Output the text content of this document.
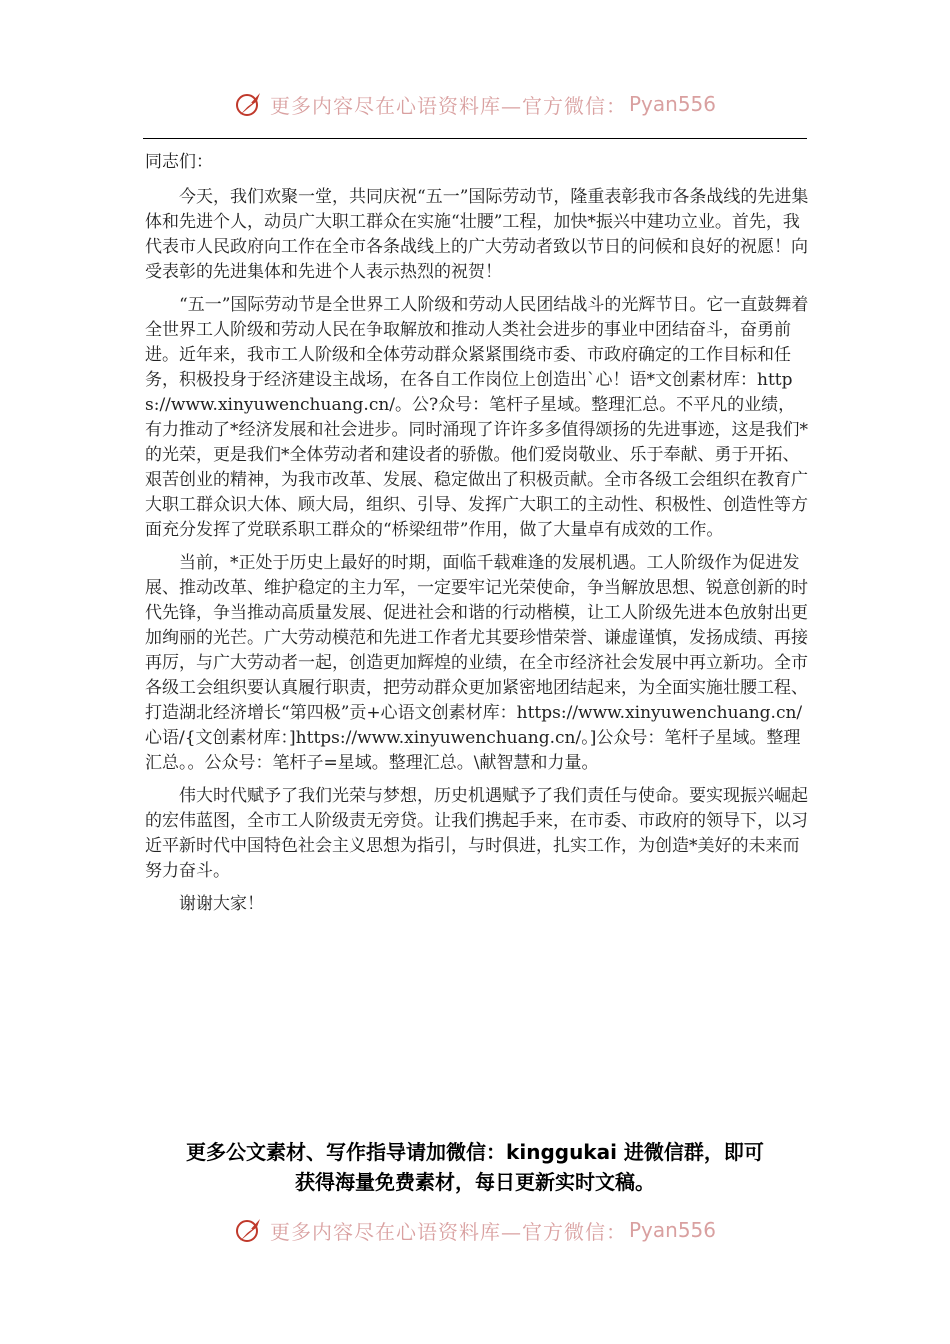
更多内容尽在心语资料库—官方微信： Pyan556

同志们：

今天，我们欢聚一堂，共同庆祝“五一”国际劳动节，隆重表彰我市各条战线的先进集体和先进个人，动员广大职工群众在实施“壮腰”工程，加快*振兴中建功立业。首先，我代表市人民政府向工作在全市各条战线上的广大劳动者致以节日的问候和良好的祝愿！向受表彰的先进集体和先进个人表示热烈的祝贺！

“五一”国际劳动节是全世界工人阶级和劳动人民团结战斗的光辉节日。它一直鼓舞着全世界工人阶级和劳动人民在争取解放和推动人类社会进步的事业中团结奋斗，奋勇前进。近年来，我市工人阶级和全体劳动群众紧紧围绕市委、市政府确定的工作目标和任务，积极投身于经济建设主战场，在各自工作岗位上创造出`心！语*文创素材库：https://www.xinyuwenchuang.cn/。公?众号：笔杆子星域。整理汇总。不平凡的业绩，有力推动了*经济发展和社会进步。同时涌现了许许多多值得颂扬的先进事迹，这是我们*的光荣，更是我们*全体劳动者和建设者的骄傲。他们爱岗敬业、乐于奉献、勇于开拓、艰苦创业的精神，为我市改革、发展、稳定做出了积极贡献。全市各级工会组织在教育广大职工群众识大体、顾大局，组织、引导、发挥广大职工的主动性、积极性、创造性等方面充分发挥了党联系职工群众的“桥梁纽带”作用，做了大量卓有成效的工作。

当前，*正处于历史上最好的时期，面临千载难逢的发展机遇。工人阶级作为促进发展、推动改革、维护稳定的主力军，一定要牢记光荣使命，争当解放思想、锐意创新的时代先锋，争当推动高质量发展、促进社会和谐的行动楷模，让工人阶级先进本色放射出更加绚丽的光芒。广大劳动模范和先进工作者尤其要珍惜荣誉、谦虚谨慎，发扬成绩、再接再厉，与广大劳动者一起，创造更加辉煌的业绩，在全市经济社会发展中再立新功。全市各级工会组织要认真履行职责，把劳动群众更加紧密地团结起来，为全面实施壮腰工程、打造湖北经济增长“第四极”贡+心语文创素材库：https://www.xinyuwenchuang.cn/心语/{文创素材库：]https://www.xinyuwenchuang.cn/。]公众号：笔杆子星域。整理汇总。。公众号：笔杆子=星域。整理汇总。\献智慧和力量。

伟大时代赋予了我们光荣与梦想，历史机遇赋予了我们责任与使命。要实现振兴崛起的宏伟蓝图，全市工人阶级责无旁贷。让我们携起手来，在市委、市政府的领导下，以习近平新时代中国特色社会主义思想为指引，与时俱进，扎实工作，为创造*美好的未来而努力奋斗。

谢谢大家！

更多公文素材、写作指导请加微信：kinggukai 进微信群，即可
获得海量免费素材，每日更新实时文稿。
更多内容尽在心语资料库—官方微信： Pyan556
